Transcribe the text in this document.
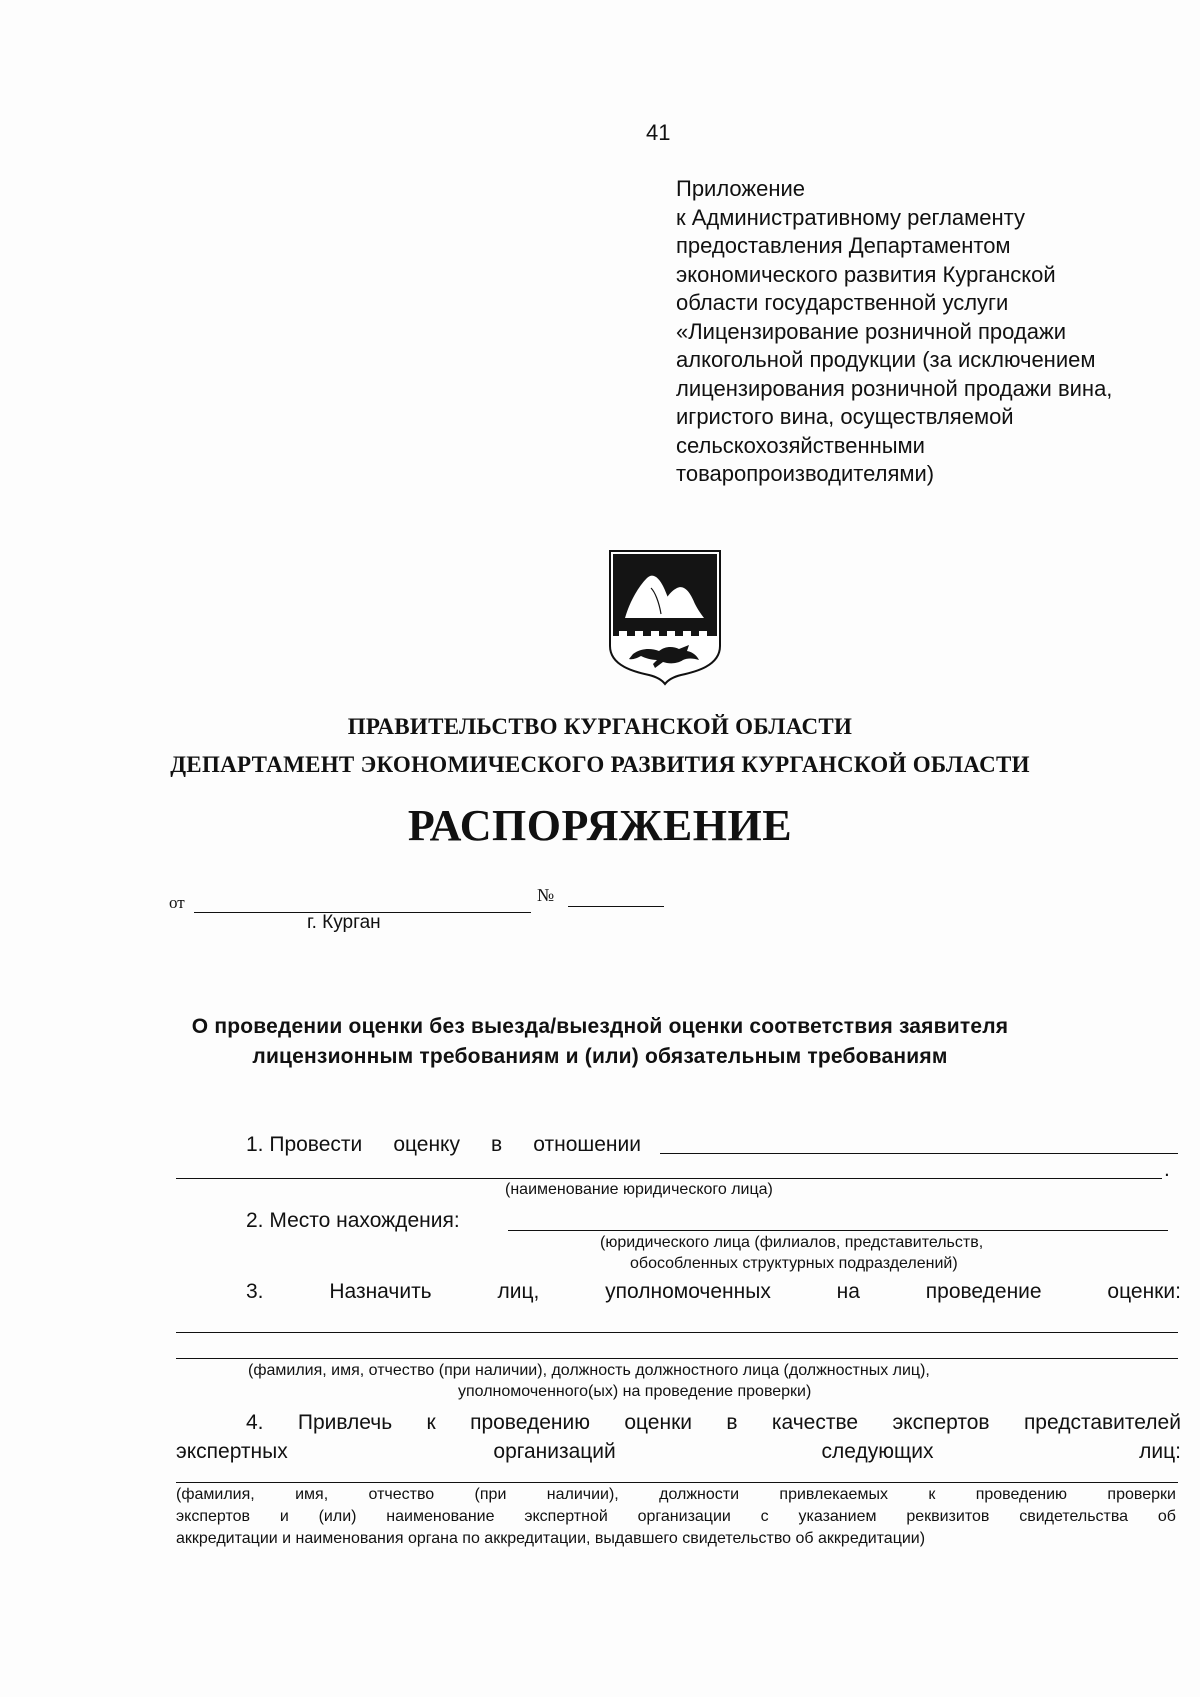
41
Приложение
к Административному регламенту
предоставления Департаментом
экономического развития Курганской
области государственной услуги
«Лицензирование розничной продажи
алкогольной продукции (за исключением
лицензирования розничной продажи вина,
игристого вина, осуществляемой
сельскохозяйственными
товаропроизводителями)
ПРАВИТЕЛЬСТВО КУРГАНСКОЙ ОБЛАСТИ
ДЕПАРТАМЕНТ ЭКОНОМИЧЕСКОГО РАЗВИТИЯ КУРГАНСКОЙ ОБЛАСТИ
РАСПОРЯЖЕНИЕ
от	№
г. Курган
О проведении оценки без выезда/выездной оценки соответствия заявителя
лицензионным требованиям и (или) обязательным требованиям
1. Провести оценку в отношении
.
(наименование юридического лица)
2. Место нахождения:
(юридического лица (филиалов, представительств,
обособленных структурных подразделений)
3.	Назначить	лиц,	уполномоченных	на	проведение	оценки:
(фамилия, имя, отчество (при наличии), должность должностного лица (должностных лиц),
уполномоченного(ых) на проведение проверки)
4. Привлечь к проведению оценки в качестве экспертов представителей
экспертных	организаций	следующих	лиц:
(фамилия,	имя,	отчество	(при	наличии),	должности	привлекаемых	к	проведению	проверки
экспертов и (или) наименование экспертной организации с указанием реквизитов свидетельства об
аккредитации и наименования органа по аккредитации, выдавшего свидетельство об аккредитации)
